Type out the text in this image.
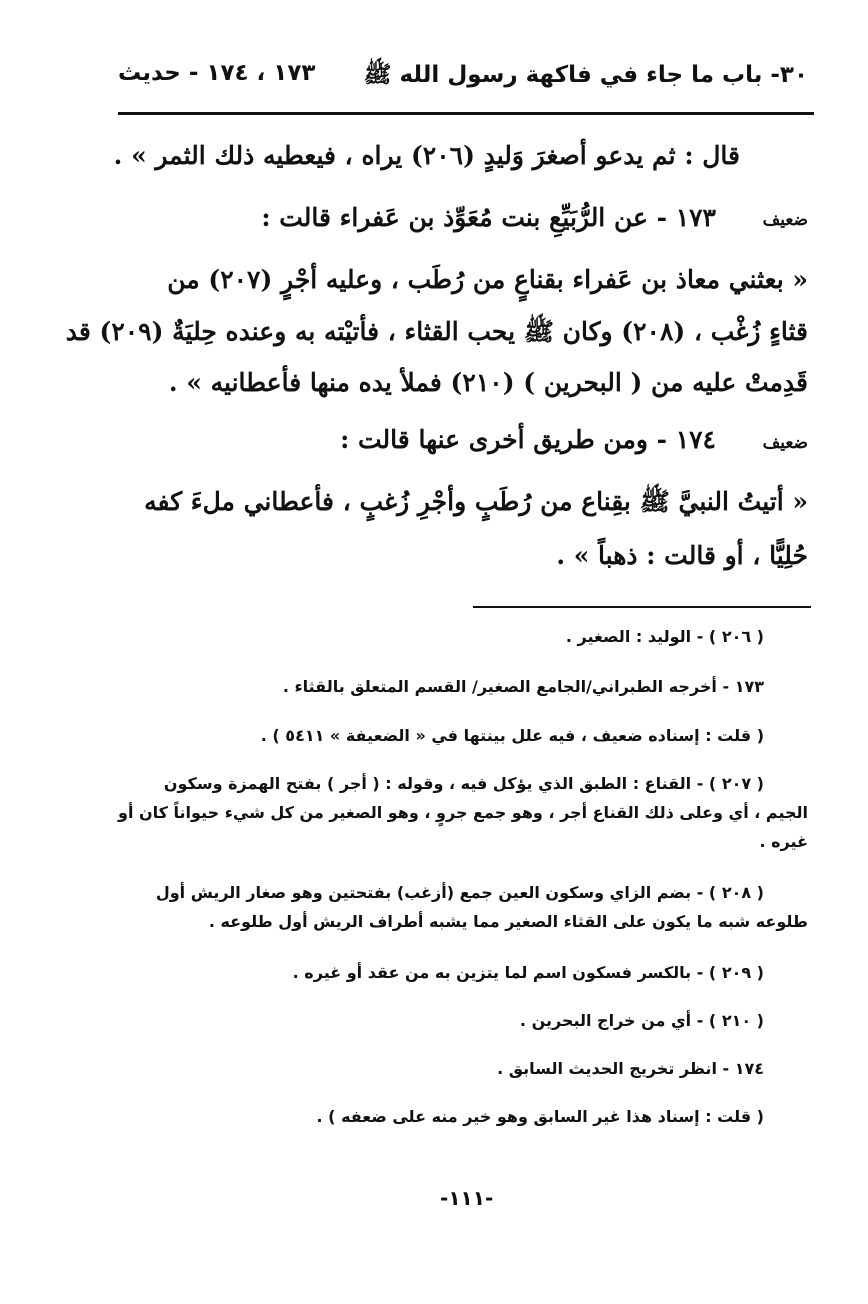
٣٠- باب ما جاء في فاكهة رسول الله ﷺ
١٧٣ ، ١٧٤ - حديث
قال : ثم يدعو أصغرَ وَليدٍ (٢٠٦) يراه ، فيعطيه ذلك الثمر » .
ضعيف
١٧٣ - عن الرُّبَيِّعِ بنت مُعَوِّذ بن عَفراء قالت :
« بعثني معاذ بن عَفراء بقناعٍ من رُطَب ، وعليه أجْرٍ (٢٠٧) من
قثاءٍ زُغْب ، (٢٠٨) وكان ﷺ يحب القثاء ، فأتيْته به وعنده حِليَةٌ (٢٠٩) قد
قَدِمتْ عليه من ( البحرين ) (٢١٠) فملأ يده منها فأعطانيه » .
ضعيف
١٧٤ - ومن طريق أخرى عنها قالت :
« أتيتُ النبيَّ ﷺ بقِناع من رُطَبٍ وأجْرِ زُغبٍ ، فأعطاني ملءَ كفه
حُلِيًّا ، أو قالت : ذهباً » .
( ٢٠٦ ) - الوليد : الصغير .
١٧٣ - أخرجه الطبراني/الجامع الصغير/ القسم المتعلق بالقثاء .
( قلت : إسناده ضعيف ، فيه علل بينتها في « الضعيفة » ٥٤١١ ) .
( ٢٠٧ ) - القناع : الطبق الذي يؤكل فيه ، وقوله : ( أجر ) بفتح الهمزة وسكون
الجيم ، أي وعلى ذلك القناع أجر ، وهو جمع جروٍ ، وهو الصغير من كل شيء حيواناً كان أو
غيره .
( ٢٠٨ ) - بضم الزاي وسكون العين جمع (أزغب) بفتحتين وهو صغار الريش أول
طلوعه شبه ما يكون على القثاء الصغير مما يشبه أطراف الريش أول طلوعه .
( ٢٠٩ ) - بالكسر فسكون اسم لما يتزين به من عقد أو غيره .
( ٢١٠ ) - أي من خراج البحرين .
١٧٤ - انظر تخريج الحديث السابق .
( قلت : إسناد هذا غير السابق وهو خير منه على ضعفه ) .
-١١١-
